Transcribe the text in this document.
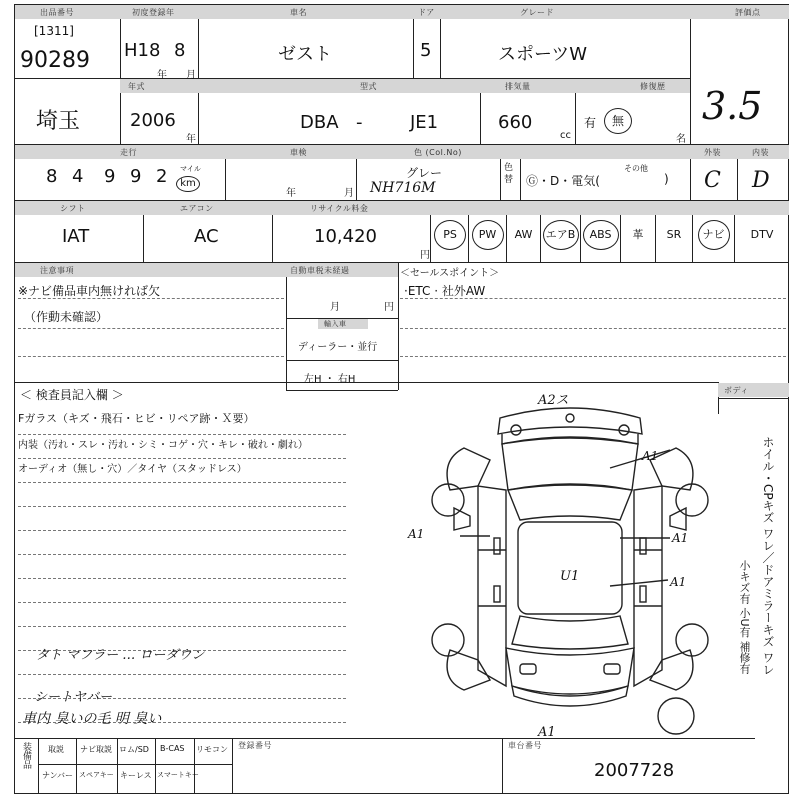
出品番号
[1311]
90289
初度登録年
H18 8
年 月
車名
ゼスト
ドア
5
グレード
スポーツW
評価点
3.5
埼玉
年式
2006
年
型式
DBA -	JE1
排気量
660
cc
有	無
修復歴
名
走行
8 4 9 9 2 マイル
km
車検
年	月
色 (Col.No)
グレー
NH716M
色替 Ⓖ・D・電気(
その他
)
外装
C
内装
D
シフト
IAT
エアコン
AC
リサイクル料金
10,420
円
PS	PW	AW	エアB	ABS	革	SR	ナビ	DTV
注意事項
※ナビ備品車内無ければ欠
（作動未確認）
自動車税未経過
月	円
輸入車
ディーラー・並行
左H ・ 右H
＜セールスポイント＞
·ETC · 社外AW
＜ 検査員記入欄 ＞
Fガラス（キズ・飛石・ヒビ・リペア跡・Ｘ要）
内装（汚れ・スレ・汚れ・シミ・コゲ・穴・キレ・破れ・劇れ）
オーディオ（無し・穴）／タイヤ（スタッドレス）
タト マフラー … ローダウン
シートヤバー
車内 臭いの毛 明 臭い
ボディ
ホイル・CPキズ ワレ／ドアミラーキズ ワレ
小キズ有 小U有 補修有
A2ス
A1
A1	A1
A1
U1
A1
装備品 取説 ナビ取説 ロム/SD B-CAS リモコン
ナンバー スペアキー キーレス スマートキー
登録番号	車台番号
2007728
